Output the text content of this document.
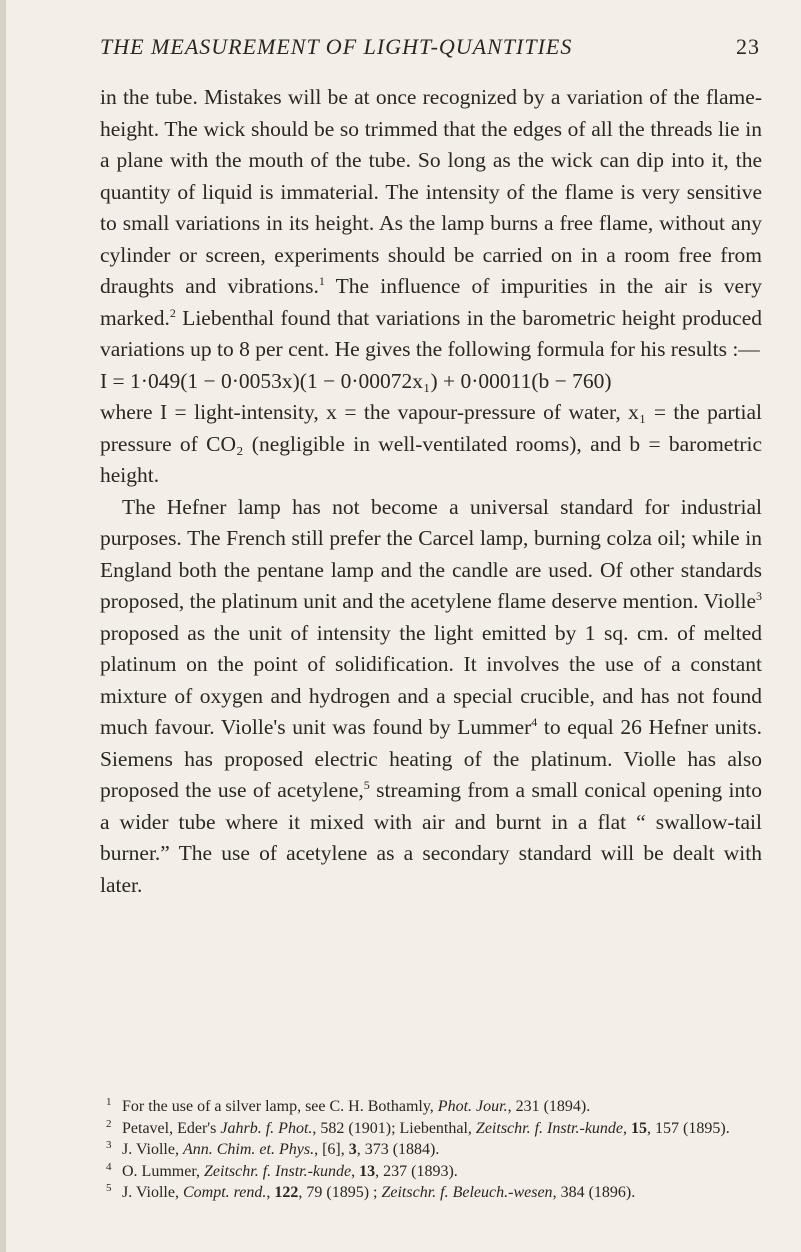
THE MEASUREMENT OF LIGHT-QUANTITIES	23

in the tube. Mistakes will be at once recognized by a variation of the flame-height. The wick should be so trimmed that the edges of all the threads lie in a plane with the mouth of the tube. So long as the wick can dip into it, the quantity of liquid is immaterial. The intensity of the flame is very sensitive to small variations in its height. As the lamp burns a free flame, without any cylinder or screen, experiments should be carried on in a room free from draughts and vibrations.$^1$ The influence of impurities in the air is very marked.$^2$ Liebenthal found that variations in the barometric height produced variations up to 8 per cent. He gives the following formula for his results :—

I = 1·049(1 − 0·0053x)(1 − 0·00072x₁) + 0·00011(b − 760)

where I = light-intensity, x = the vapour-pressure of water, x₁ = the partial pressure of CO₂ (negligible in well-ventilated rooms), and b = barometric height.

The Hefner lamp has not become a universal standard for industrial purposes. The French still prefer the Carcel lamp, burning colza oil; while in England both the pentane lamp and the candle are used. Of other standards proposed, the platinum unit and the acetylene flame deserve mention. Violle$^3$ proposed as the unit of intensity the light emitted by 1 sq. cm. of melted platinum on the point of solidification. It involves the use of a constant mixture of oxygen and hydrogen and a special crucible, and has not found much favour. Violle's unit was found by Lummer$^4$ to equal 26 Hefner units. Siemens has proposed electric heating of the platinum. Violle has also proposed the use of acetylene,$^5$ streaming from a small conical opening into a wider tube where it mixed with air and burnt in a flat “ swallow-tail burner.” The use of acetylene as a secondary standard will be dealt with later.

1 For the use of a silver lamp, see C. H. Bothamly, Phot. Jour., 231 (1894).

2 Petavel, Eder's Jahrb. f. Phot., 582 (1901); Liebenthal, Zeitschr. f. Instr.-kunde, 15, 157 (1895).

3 J. Violle, Ann. Chim. et. Phys., [6], 3, 373 (1884).

4 O. Lummer, Zeitschr. f. Instr.-kunde, 13, 237 (1893).

5 J. Violle, Compt. rend., 122, 79 (1895) ; Zeitschr. f. Beleuch.-wesen, 384 (1896).
